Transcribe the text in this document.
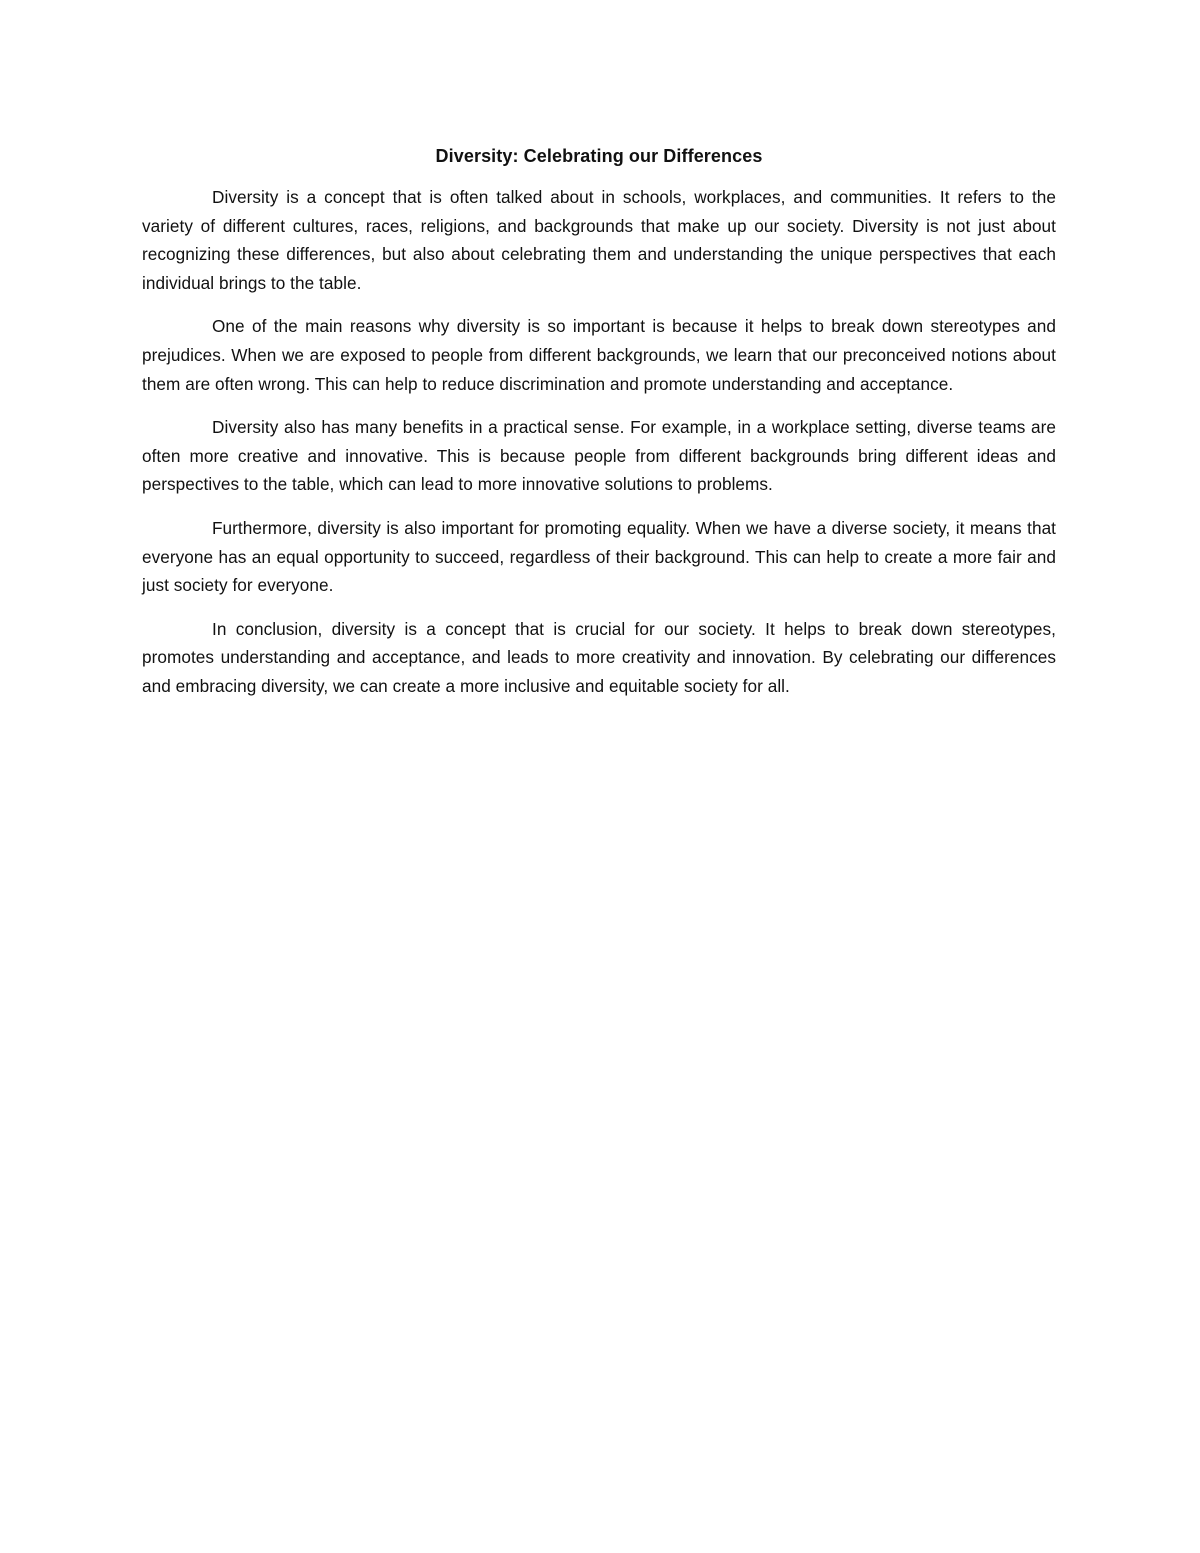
Diversity: Celebrating our Differences

Diversity is a concept that is often talked about in schools, workplaces, and communities. It refers to the variety of different cultures, races, religions, and backgrounds that make up our society. Diversity is not just about recognizing these differences, but also about celebrating them and understanding the unique perspectives that each individual brings to the table.

One of the main reasons why diversity is so important is because it helps to break down stereotypes and prejudices. When we are exposed to people from different backgrounds, we learn that our preconceived notions about them are often wrong. This can help to reduce discrimination and promote understanding and acceptance.

Diversity also has many benefits in a practical sense. For example, in a workplace setting, diverse teams are often more creative and innovative. This is because people from different backgrounds bring different ideas and perspectives to the table, which can lead to more innovative solutions to problems.

Furthermore, diversity is also important for promoting equality. When we have a diverse society, it means that everyone has an equal opportunity to succeed, regardless of their background. This can help to create a more fair and just society for everyone.

In conclusion, diversity is a concept that is crucial for our society. It helps to break down stereotypes, promotes understanding and acceptance, and leads to more creativity and innovation. By celebrating our differences and embracing diversity, we can create a more inclusive and equitable society for all.
